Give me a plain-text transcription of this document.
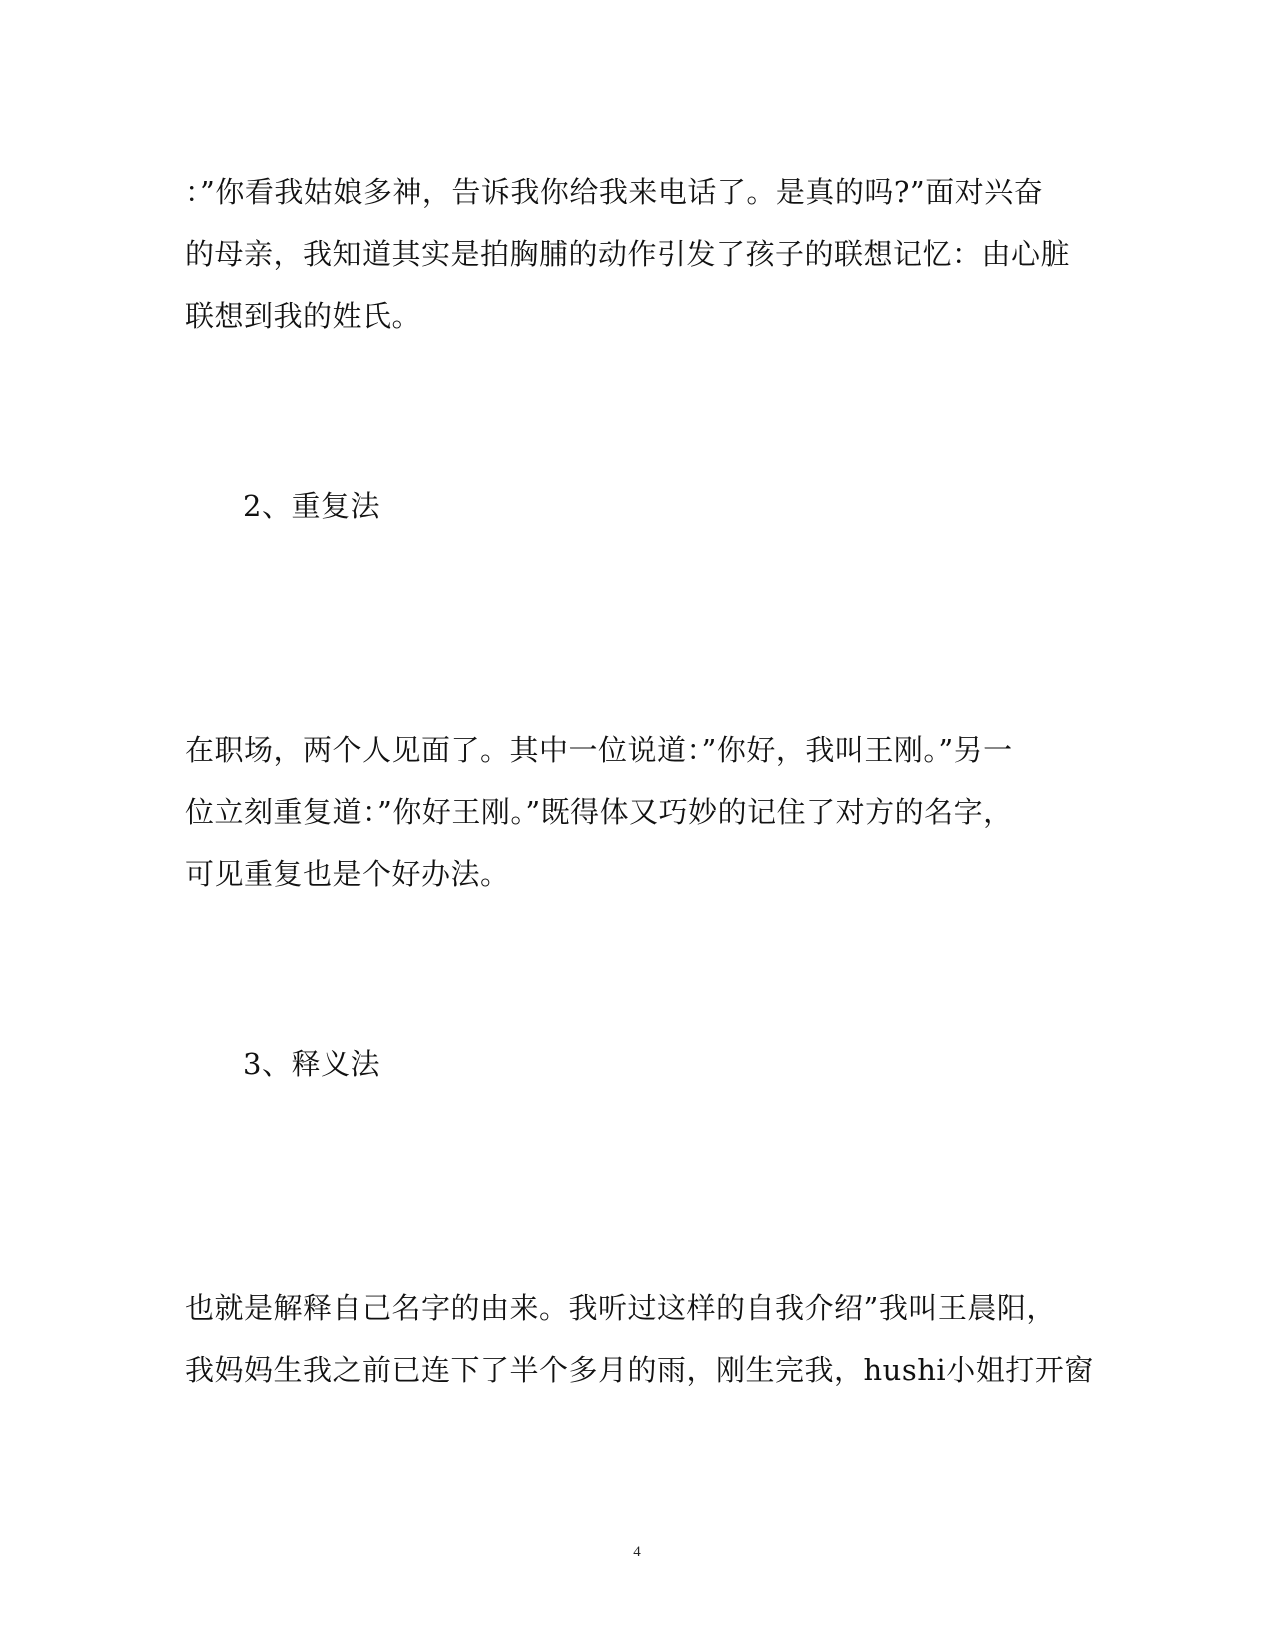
：”你看我姑娘多神，告诉我你给我来电话了。是真的吗?”面对兴奋
的母亲，我知道其实是拍胸脯的动作引发了孩子的联想记忆：由心脏
联想到我的姓氏。
2、重复法
在职场，两个人见面了。其中一位说道：”你好，我叫王刚。”另一
位立刻重复道：”你好王刚。”既得体又巧妙的记住了对方的名字，
可见重复也是个好办法。
3、释义法
也就是解释自己名字的由来。我听过这样的自我介绍”我叫王晨阳，
我妈妈生我之前已连下了半个多月的雨，刚生完我，hushi小姐打开窗
4
